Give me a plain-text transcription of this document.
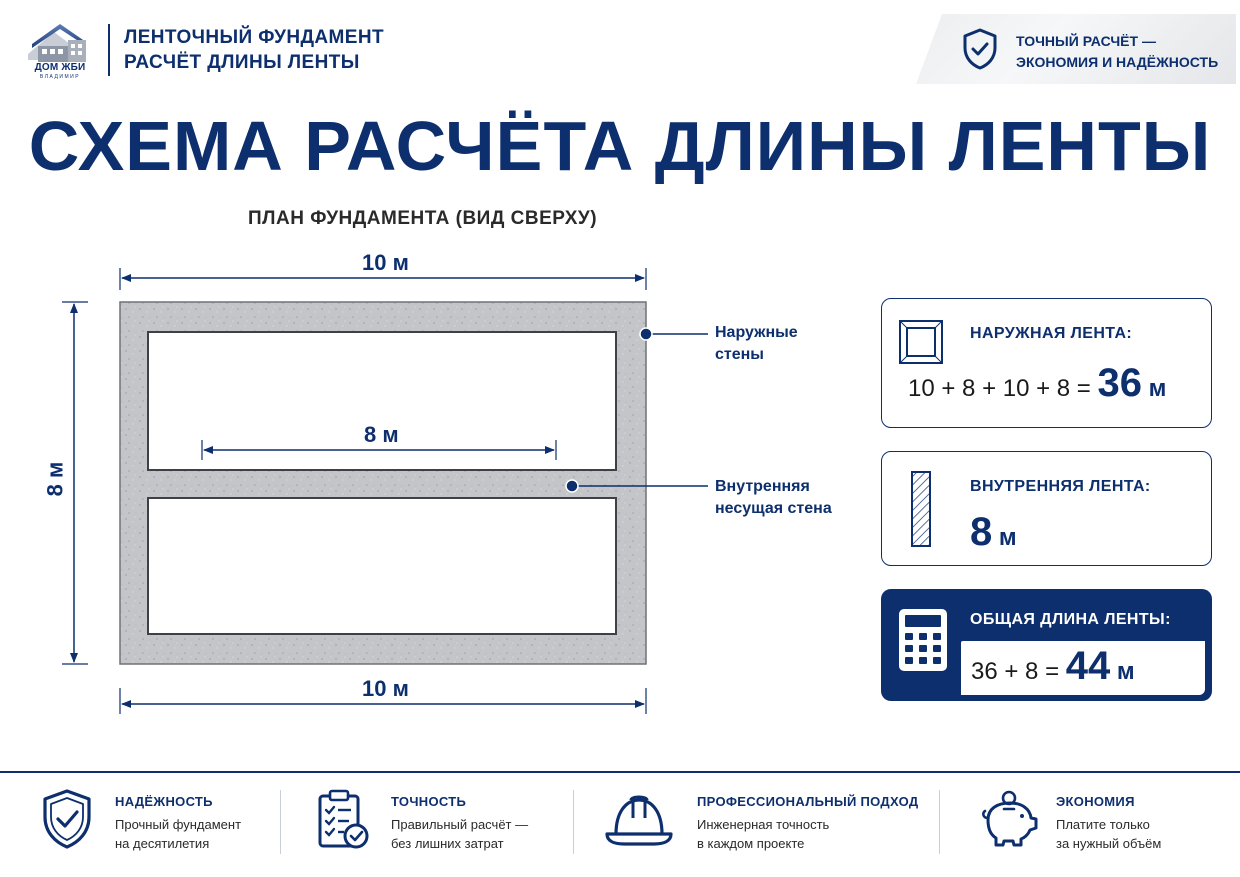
ДОМ ЖБИ
ВЛАДИМИР
ЛЕНТОЧНЫЙ ФУНДАМЕНТ
РАСЧЁТ ДЛИНЫ ЛЕНТЫ
ТОЧНЫЙ РАСЧЁТ —
ЭКОНОМИЯ И НАДЁЖНОСТЬ
СХЕМА РАСЧЁТА ДЛИНЫ ЛЕНТЫ
ПЛАН ФУНДАМЕНТА (ВИД СВЕРХУ)
10 м
10 м
8 м
8 м
Наружные
стены
Внутренняя
несущая стена
НАРУЖНАЯ ЛЕНТА:
10 + 8 + 10 + 8 = 36 м
ВНУТРЕННЯЯ ЛЕНТА:
8 м
ОБЩАЯ ДЛИНА ЛЕНТЫ:
36 + 8 = 44 м
НАДЁЖНОСТЬ
Прочный фундамент
на десятилетия
ТОЧНОСТЬ
Правильный расчёт —
без лишних затрат
ПРОФЕССИОНАЛЬНЫЙ ПОДХОД
Инженерная точность
в каждом проекте
ЭКОНОМИЯ
Платите только
за нужный объём
